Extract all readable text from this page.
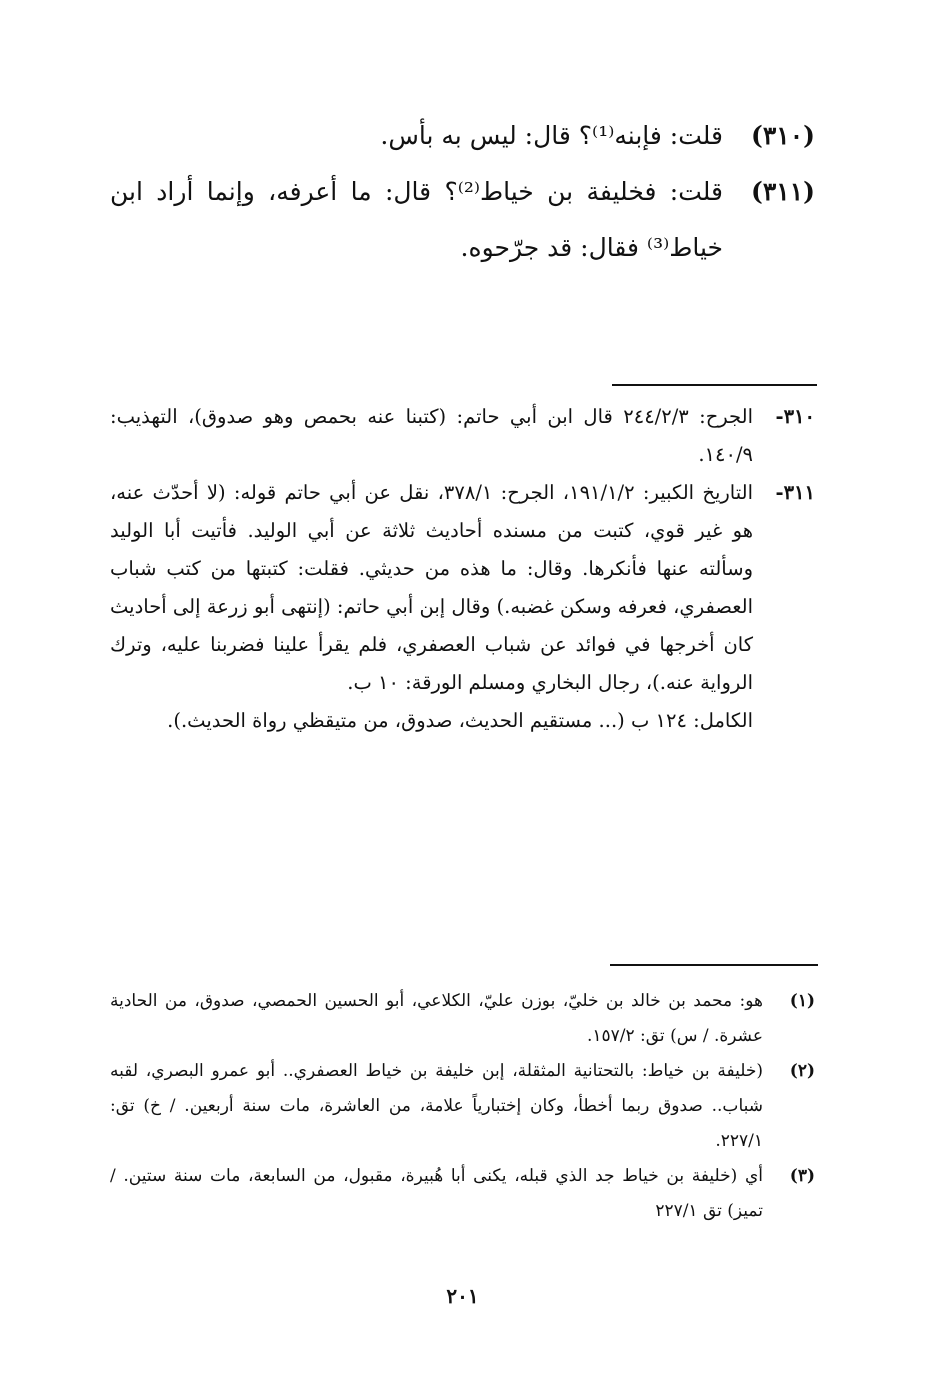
(٣١٠)
قلت: فإبنه⁽¹⁾؟ قال: ليس به بأس.
(٣١١)
قلت: فخليفة بن خياط⁽²⁾؟ قال: ما أعرفه، وإنما أراد ابن خياط⁽³⁾ فقال: قد جرّحوه.
٣١٠-
الجرح: ٢٤٤/٢/٣ قال ابن أبي حاتم: (كتبنا عنه بحمص وهو صدوق)، التهذيب: ١٤٠/٩.
٣١١-
التاريخ الكبير: ١٩١/١/٢، الجرح: ٣٧٨/١، نقل عن أبي حاتم قوله: (لا أحدّث عنه، هو غير قوي، كتبت من مسنده أحاديث ثلاثة عن أبي الوليد. فأتيت أبا الوليد وسألته عنها فأنكرها. وقال: ما هذه من حديثي. فقلت: كتبتها من كتب شباب العصفري، فعرفه وسكن غضبه.) وقال إبن أبي حاتم: (إنتهى أبو زرعة إلى أحاديث كان أخرجها في فوائد عن شباب العصفري، فلم يقرأ علينا فضربنا عليه، وترك الرواية عنه.)، رجال البخاري ومسلم الورقة: ١٠ ب.
الكامل: ١٢٤ ب (... مستقيم الحديث، صدوق، من متيقظي رواة الحديث.).
(١)
هو: محمد بن خالد بن خليّ، بوزن عليّ، الكلاعي، أبو الحسين الحمصي، صدوق، من الحادية عشرة. / س) تق: ١٥٧/٢.
(٢)
(خليفة بن خياط: بالتحتانية المثقلة، إبن خليفة بن خياط العصفري.. أبو عمرو البصري، لقبه شباب.. صدوق ربما أخطأ، وكان إختبارياً علامة، من العاشرة، مات سنة أربعين. / خ) تق: ٢٢٧/١.
(٣)
أي (خليفة بن خياط جد الذي قبله، يكنى أبا هُبيرة، مقبول، من السابعة، مات سنة ستين. / تميز) تق ٢٢٧/١
٢٠١
